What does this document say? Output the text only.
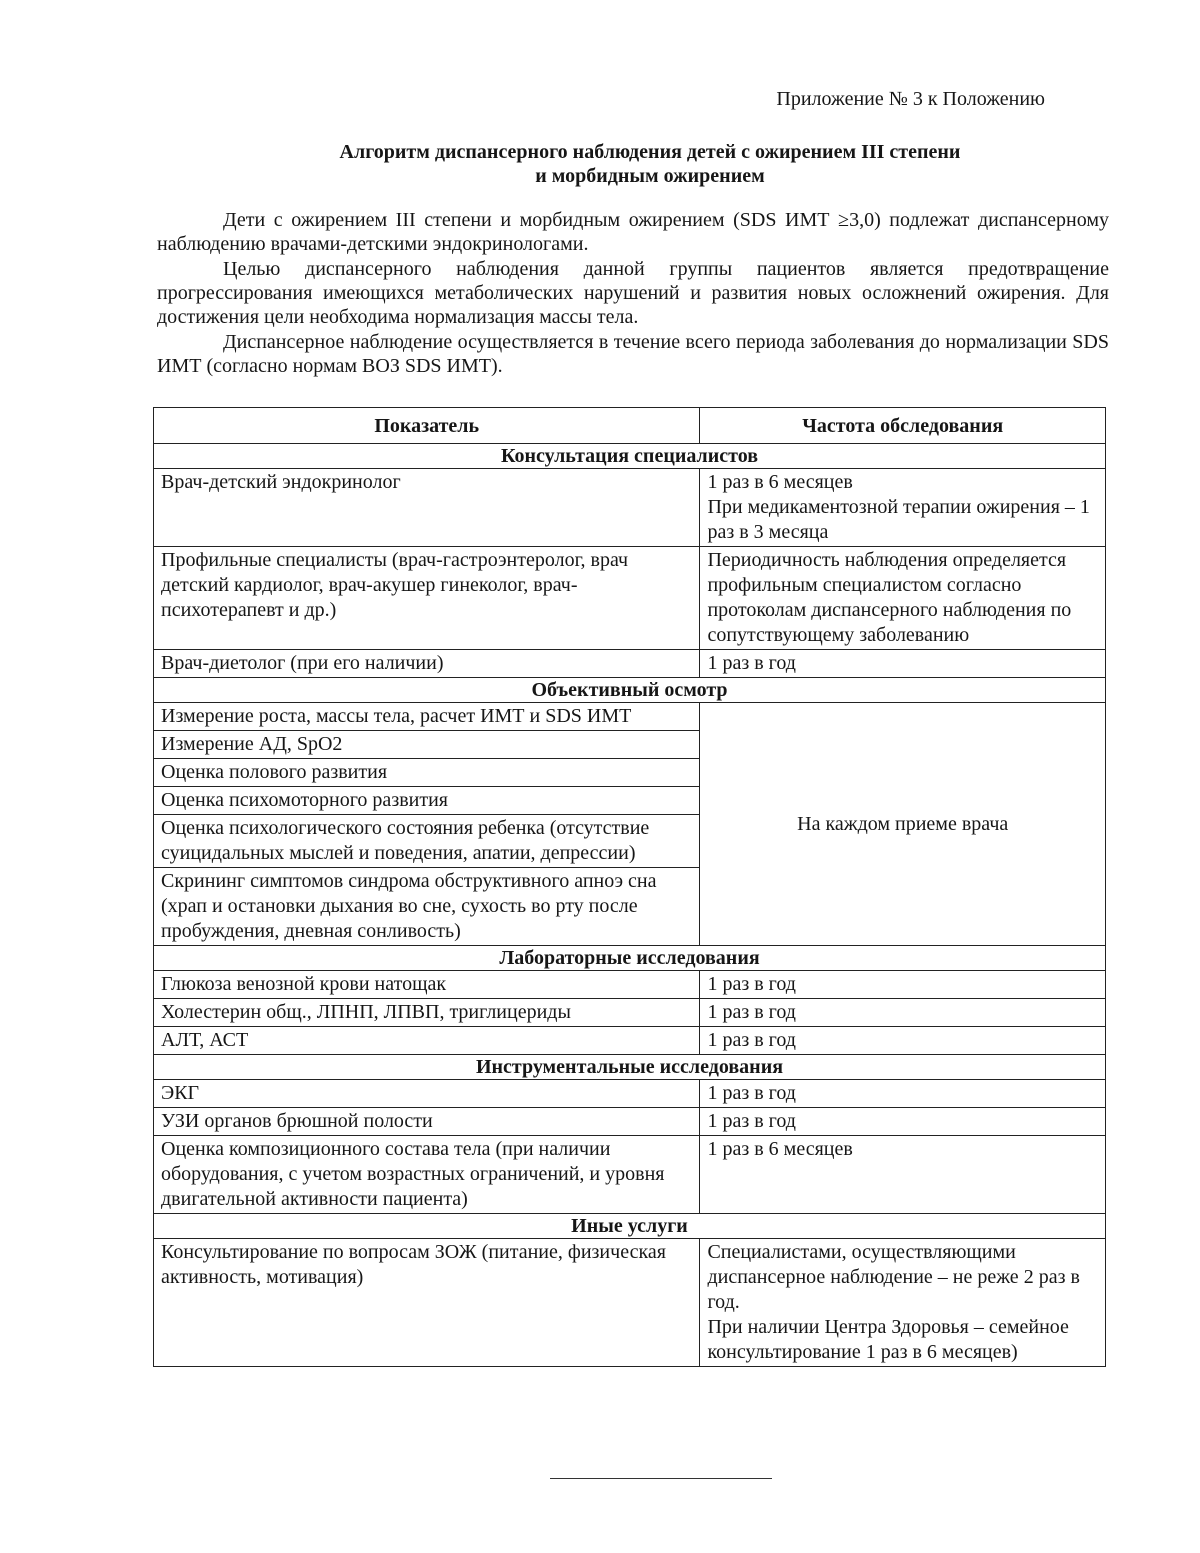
Приложение № 3 к Положению
Алгоритм диспансерного наблюдения детей с ожирением III степени
и морбидным ожирением

Дети с ожирением III степени и морбидным ожирением (SDS ИМТ ≥3,0) подлежат диспансерному наблюдению врачами-детскими эндокринологами.

Целью диспансерного наблюдения данной группы пациентов является предотвращение прогрессирования имеющихся метаболических нарушений и развития новых осложнений ожирения. Для достижения цели необходима нормализация массы тела.

Диспансерное наблюдение осуществляется в течение всего периода заболевания до нормализации SDS ИМТ (согласно нормам ВОЗ SDS ИМТ).

Показатель	Частота обследования
Консультация специалистов	
Врач-детский эндокринолог	1 раз в 6 месяцев
При медикаментозной терапии ожирения – 1 раз в 3 месяца
Профильные специалисты (врач-гастроэнтеролог, врач детский кардиолог, врач-акушер гинеколог, врач-психотерапевт и др.)	Периодичность наблюдения определяется профильным специалистом согласно протоколам диспансерного наблюдения по сопутствующему заболеванию
Врач-диетолог (при его наличии)	1 раз в год
Объективный осмотр	
Измерение роста, массы тела, расчет ИМТ и SDS ИМТ	На каждом приеме врача
Измерение АД, SpO2	
Оценка полового развития	
Оценка психомоторного развития	
Оценка психологического состояния ребенка (отсутствие суицидальных мыслей и поведения, апатии, депрессии)	
Скрининг симптомов синдрома обструктивного апноэ сна (храп и остановки дыхания во сне, сухость во рту после пробуждения, дневная сонливость)	
Лабораторные исследования	
Глюкоза венозной крови натощак	1 раз в год
Холестерин общ., ЛПНП, ЛПВП, триглицериды	1 раз в год
АЛТ, АСТ	1 раз в год
Инструментальные исследования	
ЭКГ	1 раз в год
УЗИ органов брюшной полости	1 раз в год
Оценка композиционного состава тела (при наличии оборудования, с учетом возрастных ограничений, и уровня двигательной активности пациента)	1 раз в 6 месяцев
Иные услуги	
Консультирование по вопросам ЗОЖ (питание, физическая активность, мотивация)	Специалистами, осуществляющими диспансерное наблюдение – не реже 2 раз в год.
При наличии Центра Здоровья – семейное консультирование 1 раз в 6 месяцев)
